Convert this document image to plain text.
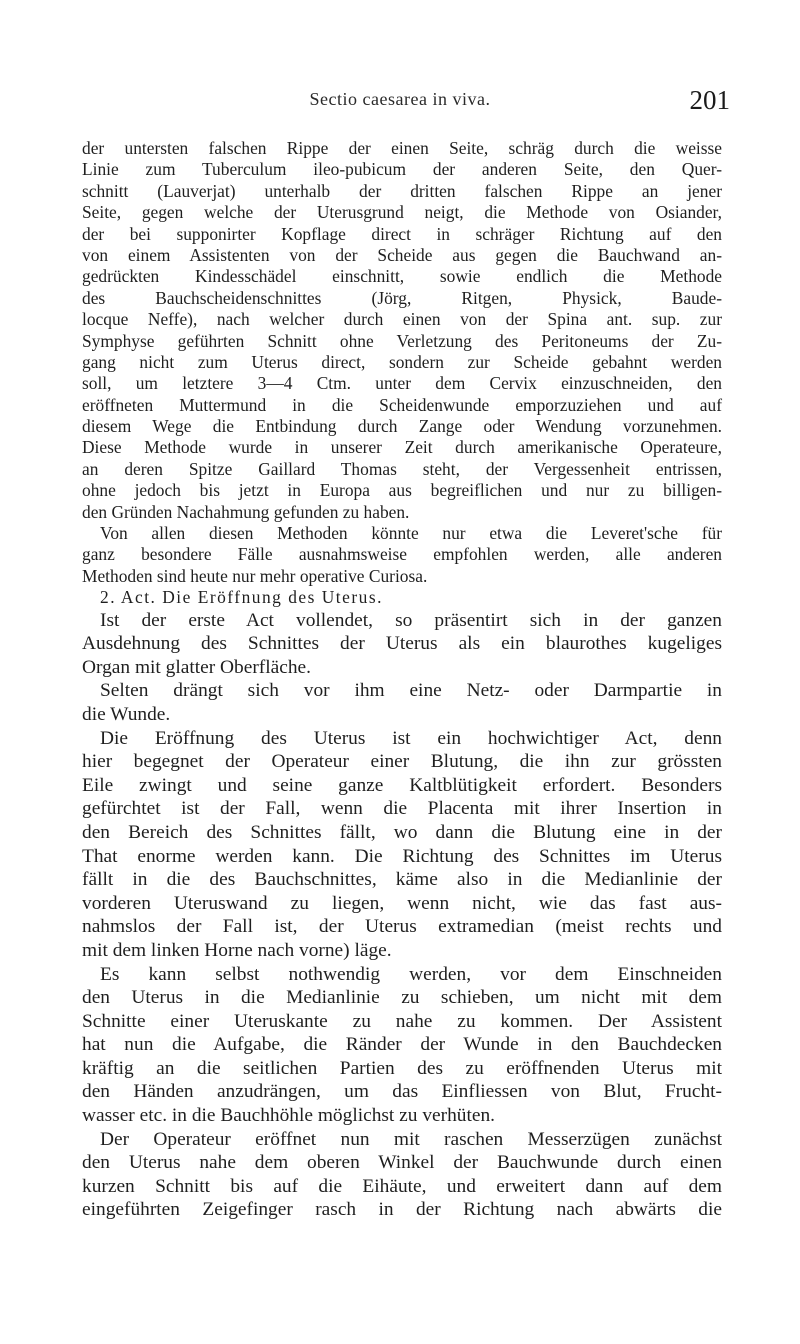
Sectio caesarea in viva.	201
der untersten falschen Rippe der einen Seite, schräg durch die weisse
Linie zum Tuberculum ileo-pubicum der anderen Seite, den Quer-
schnitt (Lauverjat) unterhalb der dritten falschen Rippe an jener
Seite, gegen welche der Uterusgrund neigt, die Methode von Osiander,
der bei supponirter Kopflage direct in schräger Richtung auf den
von einem Assistenten von der Scheide aus gegen die Bauchwand an-
gedrückten Kindesschädel einschnitt, sowie endlich die Methode
des Bauchscheidenschnittes (Jörg, Ritgen, Physick, Baude-
locque Neffe), nach welcher durch einen von der Spina ant. sup. zur
Symphyse geführten Schnitt ohne Verletzung des Peritoneums der Zu-
gang nicht zum Uterus direct, sondern zur Scheide gebahnt werden
soll, um letztere 3—4 Ctm. unter dem Cervix einzuschneiden, den
eröffneten Muttermund in die Scheidenwunde emporzuziehen und auf
diesem Wege die Entbindung durch Zange oder Wendung vorzunehmen.
Diese Methode wurde in unserer Zeit durch amerikanische Operateure,
an deren Spitze Gaillard Thomas steht, der Vergessenheit entrissen,
ohne jedoch bis jetzt in Europa aus begreiflichen und nur zu billigen-
den Gründen Nachahmung gefunden zu haben.
Von allen diesen Methoden könnte nur etwa die Leveret'sche für
ganz besondere Fälle ausnahmsweise empfohlen werden, alle anderen
Methoden sind heute nur mehr operative Curiosa.
2. Act. Die Eröffnung des Uterus.
Ist der erste Act vollendet, so präsentirt sich in der ganzen
Ausdehnung des Schnittes der Uterus als ein blaurothes kugeliges
Organ mit glatter Oberfläche.
Selten drängt sich vor ihm eine Netz- oder Darmpartie in
die Wunde.
Die Eröffnung des Uterus ist ein hochwichtiger Act, denn
hier begegnet der Operateur einer Blutung, die ihn zur grössten
Eile zwingt und seine ganze Kaltblütigkeit erfordert. Besonders
gefürchtet ist der Fall, wenn die Placenta mit ihrer Insertion in
den Bereich des Schnittes fällt, wo dann die Blutung eine in der
That enorme werden kann. Die Richtung des Schnittes im Uterus
fällt in die des Bauchschnittes, käme also in die Medianlinie der
vorderen Uteruswand zu liegen, wenn nicht, wie das fast aus-
nahmslos der Fall ist, der Uterus extramedian (meist rechts und
mit dem linken Horne nach vorne) läge.
Es kann selbst nothwendig werden, vor dem Einschneiden
den Uterus in die Medianlinie zu schieben, um nicht mit dem
Schnitte einer Uteruskante zu nahe zu kommen. Der Assistent
hat nun die Aufgabe, die Ränder der Wunde in den Bauchdecken
kräftig an die seitlichen Partien des zu eröffnenden Uterus mit
den Händen anzudrängen, um das Einfliessen von Blut, Frucht-
wasser etc. in die Bauchhöhle möglichst zu verhüten.
Der Operateur eröffnet nun mit raschen Messerzügen zunächst
den Uterus nahe dem oberen Winkel der Bauchwunde durch einen
kurzen Schnitt bis auf die Eihäute, und erweitert dann auf dem
eingeführten Zeigefinger rasch in der Richtung nach abwärts die
